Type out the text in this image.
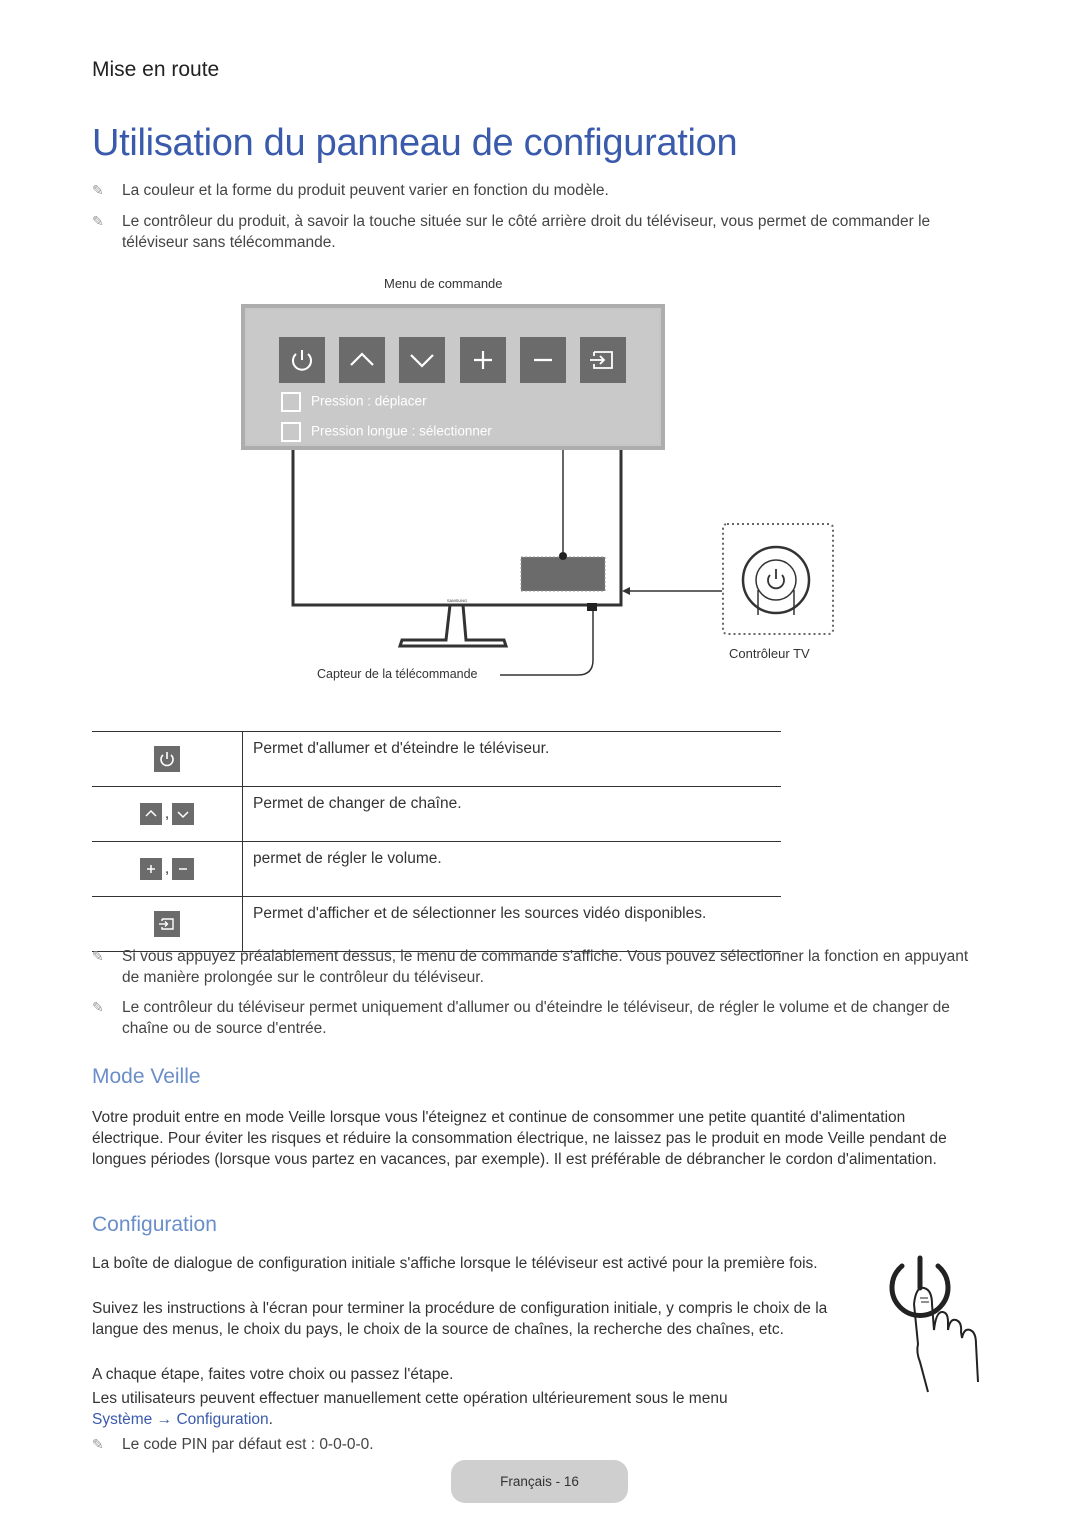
Mise en route
Utilisation du panneau de configuration
✎	La couleur et la forme du produit peuvent varier en fonction du modèle.
✎	Le contrôleur du produit, à savoir la touche située sur le côté arrière droit du téléviseur, vous permet de commander le téléviseur sans télécommande.
Menu de commande
SAMSUNG
Pression : déplacer
Pression longue : sélectionner
Contrôleur TV
Capteur de la télécommande
	Permet d'allumer et d'éteindre le téléviseur.
,	Permet de changer de chaîne.
,	permet de régler le volume.
	Permet d'afficher et de sélectionner les sources vidéo disponibles.
✎	Si vous appuyez préalablement dessus, le menu de commande s'affiche. Vous pouvez sélectionner la fonction en appuyant de manière prolongée sur le contrôleur du téléviseur.
✎	Le contrôleur du téléviseur permet uniquement d'allumer ou d'éteindre le téléviseur, de régler le volume et de changer de chaîne ou de source d'entrée.
Mode Veille
Votre produit entre en mode Veille lorsque vous l'éteignez et continue de consommer une petite quantité d'alimentation électrique. Pour éviter les risques et réduire la consommation électrique, ne laissez pas le produit en mode Veille pendant de longues périodes (lorsque vous partez en vacances, par exemple). Il est préférable de débrancher le cordon d'alimentation.
Configuration
La boîte de dialogue de configuration initiale s'affiche lorsque le téléviseur est activé pour la première fois.
Suivez les instructions à l'écran pour terminer la procédure de configuration initiale, y compris le choix de la langue des menus, le choix du pays, le choix de la source de chaînes, la recherche des chaînes, etc.
A chaque étape, faites votre choix ou passez l'étape.
Les utilisateurs peuvent effectuer manuellement cette opération ultérieurement sous le menu
Système → Configuration.
✎	Le code PIN par défaut est : 0-0-0-0.
Français - 16
